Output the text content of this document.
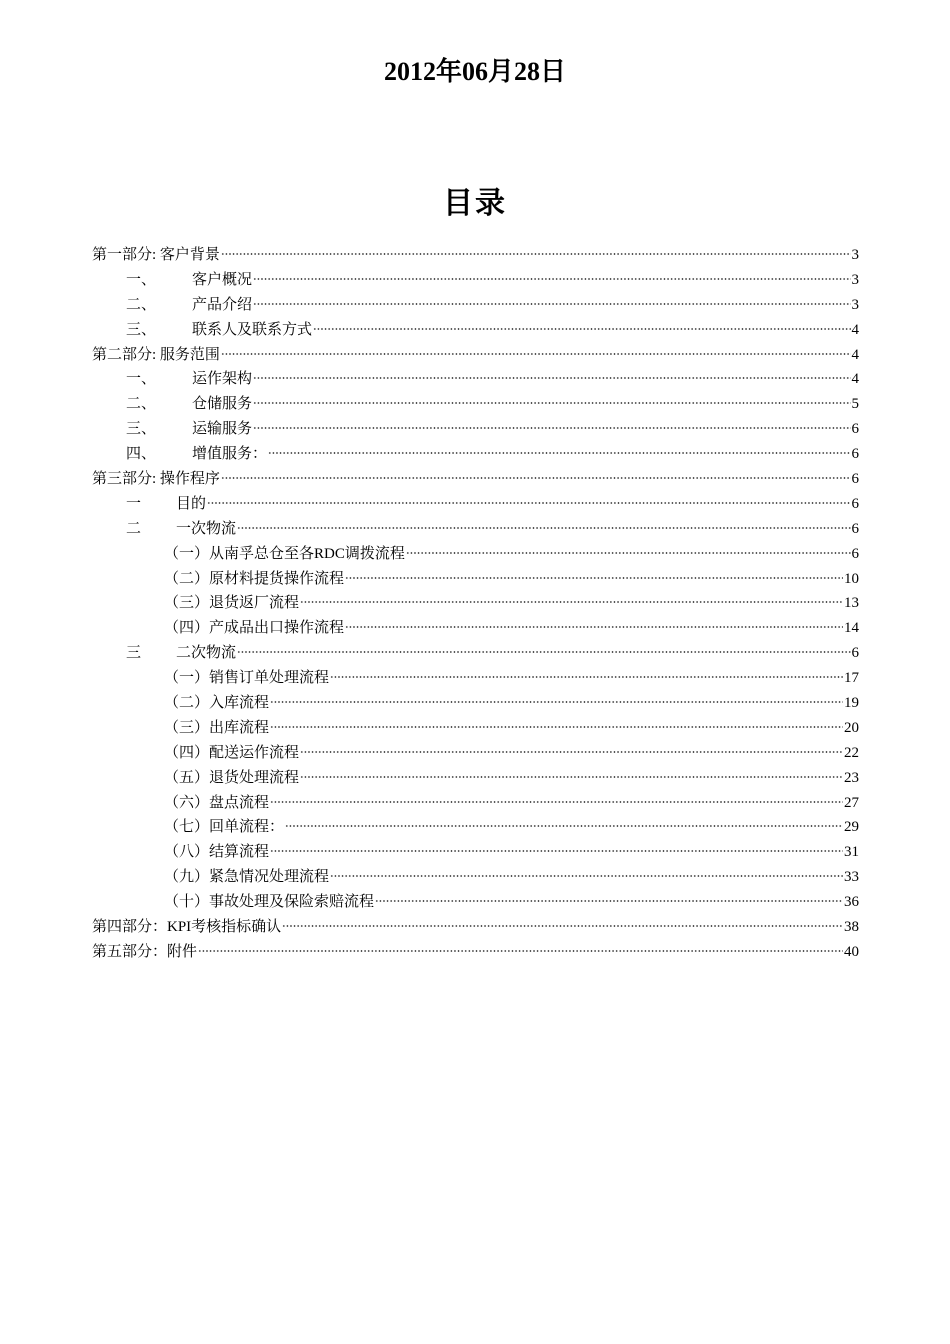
2012年06月28日
目录
第一部分: 客户背景	3
一、	客户概况	3
二、	产品介绍	3
三、	联系人及联系方式	4
第二部分: 服务范围	4
一、	运作架构	4
二、	仓储服务	5
三、	运输服务	6
四、	增值服务：	6
第三部分: 操作程序	6
一	目的	6
二	一次物流	6
（一）从南孚总仓至各RDC调拨流程	6
（二）原材料提货操作流程	10
（三）退货返厂流程	13
（四）产成品出口操作流程	14
三	二次物流	6
（一）销售订单处理流程	17
（二）入库流程	19
（三）出库流程	20
（四）配送运作流程	22
（五）退货处理流程	23
（六）盘点流程	27
（七）回单流程：	29
（八）结算流程	31
（九）紧急情况处理流程	33
（十）事故处理及保险索赔流程	36
第四部分：KPI考核指标确认	38
第五部分：附件	40
